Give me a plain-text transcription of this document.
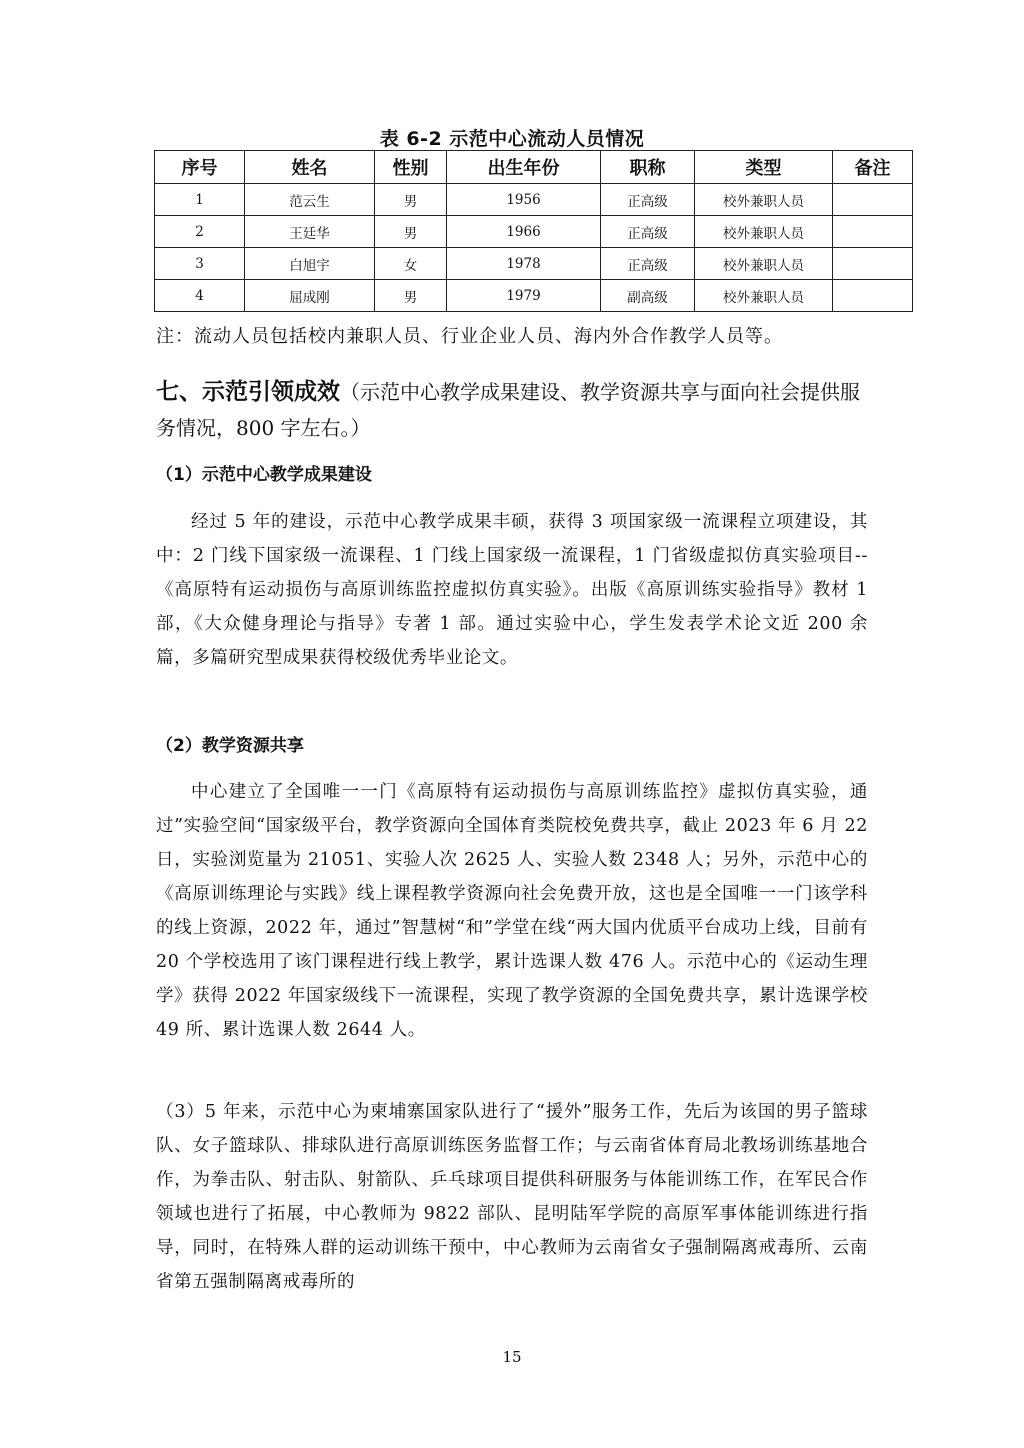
表 6-2 示范中心流动人员情况
序号	姓名	性别	出生年份	职称	类型	备注
1	范云生	男	1956	正高级	校外兼职人员	
2	王廷华	男	1966	正高级	校外兼职人员	
3	白旭宇	女	1978	正高级	校外兼职人员	
4	屈成刚	男	1979	副高级	校外兼职人员	
注：流动人员包括校内兼职人员、行业企业人员、海内外合作教学人员等。
七、示范引领成效（示范中心教学成果建设、教学资源共享与面向社会提供服务情况，800 字左右。）
（1）示范中心教学成果建设
经过 5 年的建设，示范中心教学成果丰硕，获得 3 项国家级一流课程立项建设，其中：2 门线下国家级一流课程、1 门线上国家级一流课程，1 门省级虚拟仿真实验项目--《高原特有运动损伤与高原训练监控虚拟仿真实验》。出版《高原训练实验指导》教材 1 部，《大众健身理论与指导》专著 1 部。通过实验中心，学生发表学术论文近 200 余篇，多篇研究型成果获得校级优秀毕业论文。
（2）教学资源共享
中心建立了全国唯一一门《高原特有运动损伤与高原训练监控》虚拟仿真实验，通过”实验空间“国家级平台，教学资源向全国体育类院校免费共享，截止 2023 年 6 月 22 日，实验浏览量为 21051、实验人次 2625 人、实验人数 2348 人；另外，示范中心的《高原训练理论与实践》线上课程教学资源向社会免费开放，这也是全国唯一一门该学科的线上资源，2022 年，通过”智慧树“和”学堂在线“两大国内优质平台成功上线，目前有 20 个学校选用了该门课程进行线上教学，累计选课人数 476 人。示范中心的《运动生理学》获得 2022 年国家级线下一流课程，实现了教学资源的全国免费共享，累计选课学校 49 所、累计选课人数 2644 人。
（3）5 年来，示范中心为柬埔寨国家队进行了“援外”服务工作，先后为该国的男子篮球队、女子篮球队、排球队进行高原训练医务监督工作；与云南省体育局北教场训练基地合作，为拳击队、射击队、射箭队、乒乓球项目提供科研服务与体能训练工作，在军民合作领域也进行了拓展，中心教师为 9822 部队、昆明陆军学院的高原军事体能训练进行指导，同时，在特殊人群的运动训练干预中，中心教师为云南省女子强制隔离戒毒所、云南省第五强制隔离戒毒所的
15
